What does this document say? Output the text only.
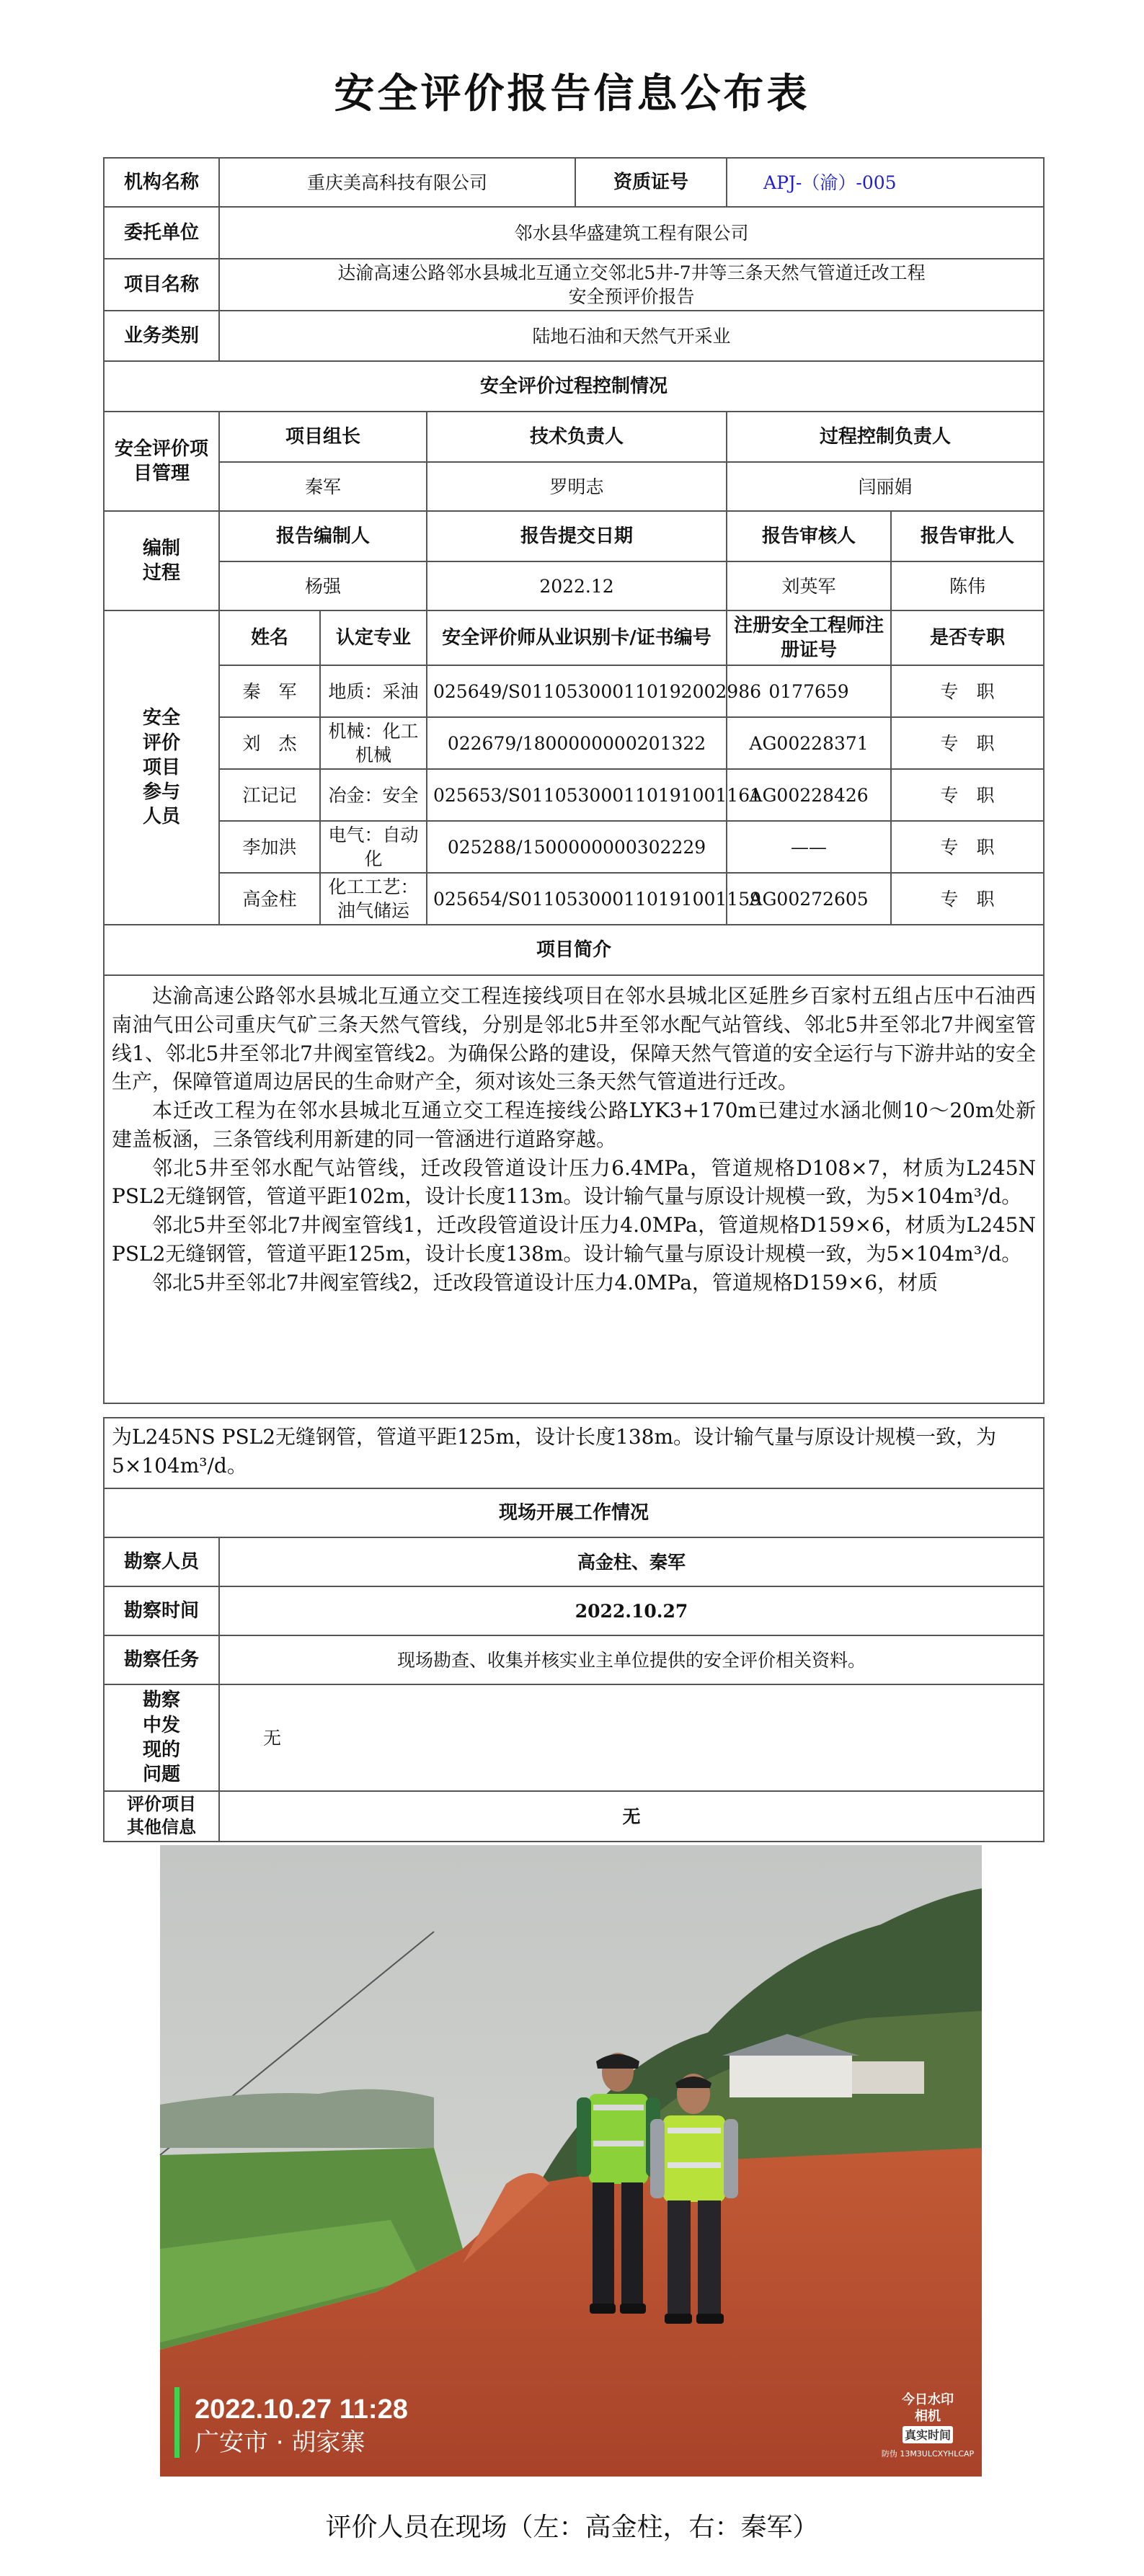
安全评价报告信息公布表
机构名称	重庆美高科技有限公司			资质证号	APJ-（渝）-005	
委托单位	邻水县华盛建筑工程有限公司					
项目名称	达渝高速公路邻水县城北互通立交邻北5井-7井等三条天然气管道迁改工程
安全预评价报告					

业务类别	陆地石油和天然气开采业					
安全评价过程控制情况						
安全评价项目管理	项目组长		技术负责人		过程控制负责人	
	秦军		罗明志		闫丽娟	
编制过程	报告编制人		报告提交日期		报告审核人	报告审批人
	杨强		2022.12		刘英军	陈伟
安全评价项目参与人员	姓名	认定专业	安全评价师从业识别卡/证书编号		注册安全工程师注册证号	是否专职
	秦　军	地质：采油	025649/S011053000110192002986		0177659	专　职
	刘　杰	机械：化工机械	022679/1800000000201322		AG00228371	专　职
	江记记	冶金：安全	025653/S011053000110191001161		AG00228426	专　职
	李加洪	电气：自动化	025288/1500000000302229		——	专　职
	高金柱	化工工艺：油气储运	025654/S011053000110191001159		AG00272605	专　职
项目简介						

达渝高速公路邻水县城北互通立交工程连接线项目在邻水县城北区延胜乡百家村五组占压中石油西南油气田公司重庆气矿三条天然气管线，分别是邻北5井至邻水配气站管线、邻北5井至邻北7井阀室管线1、邻北5井至邻北7井阀室管线2。为确保公路的建设，保障天然气管道的安全运行与下游井站的安全生产，保障管道周边居民的生命财产全，须对该处三条天然气管道进行迁改。

本迁改工程为在邻水县城北互通立交工程连接线公路LYK3+170m已建过水涵北侧10～20m处新建盖板涵，三条管线利用新建的同一管涵进行道路穿越。

邻北5井至邻水配气站管线，迁改段管道设计压力6.4MPa，管道规格D108×7，材质为L245N PSL2无缝钢管，管道平距102m，设计长度113m。设计输气量与原设计规模一致，为5×104m³/d。

邻北5井至邻北7井阀室管线1，迁改段管道设计压力4.0MPa，管道规格D159×6，材质为L245N PSL2无缝钢管，管道平距125m，设计长度138m。设计输气量与原设计规模一致，为5×104m³/d。

邻北5井至邻北7井阀室管线2，迁改段管道设计压力4.0MPa，管道规格D159×6，材质						

为L245NS PSL2无缝钢管，管道平距125m，设计长度138m。设计输气量与原设计规模一致，为5×104m³/d。	
现场开展工作情况	
勘察人员	高金柱、秦军
勘察时间	2022.10.27
勘察任务	现场勘查、收集并核实业主单位提供的安全评价相关资料。
勘察中发现的问题	无
评价项目其他信息	无
2022.10.27 11:28
广安市 · 胡家寨
今日水印
相机
真实时间
防伪 13M3ULCXYHLCAP
评价人员在现场（左：高金柱，右：秦军）
